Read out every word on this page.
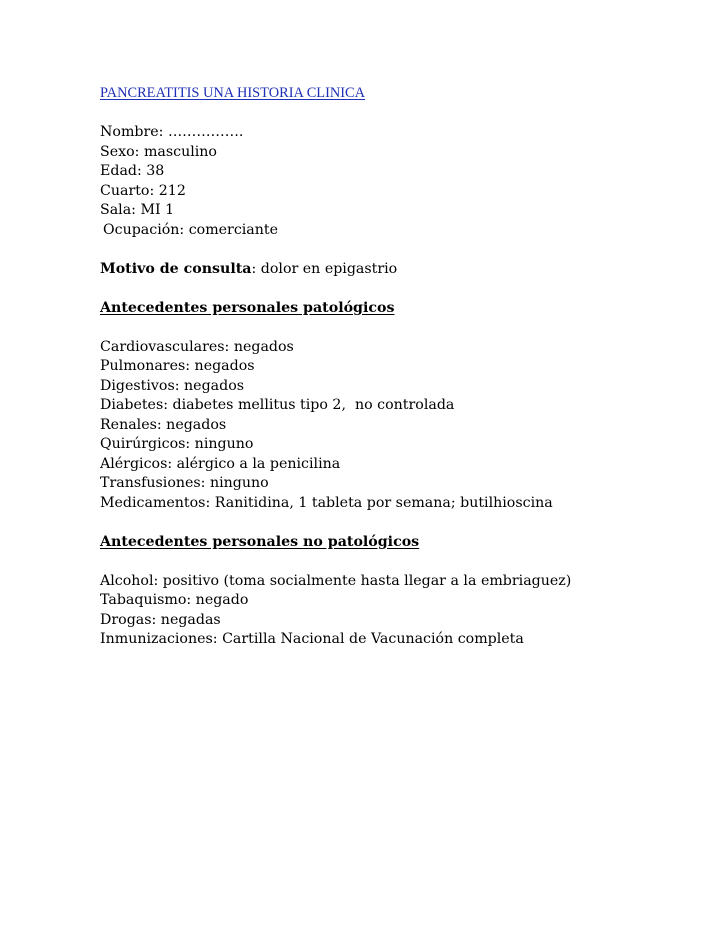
PANCREATITIS UNA HISTORIA CLINICA
Nombre: …………….
Sexo: masculino
Edad: 38
Cuarto: 212
Sala: MI 1
Ocupación: comerciante
Motivo de consulta: dolor en epigastrio
Antecedentes personales patológicos
Cardiovasculares: negados
Pulmonares: negados
Digestivos: negados
Diabetes: diabetes mellitus tipo 2,  no controlada
Renales: negados
Quirúrgicos: ninguno
Alérgicos: alérgico a la penicilina
Transfusiones: ninguno
Medicamentos: Ranitidina, 1 tableta por semana; butilhioscina
Antecedentes personales no patológicos
Alcohol: positivo (toma socialmente hasta llegar a la embriaguez)
Tabaquismo: negado
Drogas: negadas
Inmunizaciones: Cartilla Nacional de Vacunación completa
